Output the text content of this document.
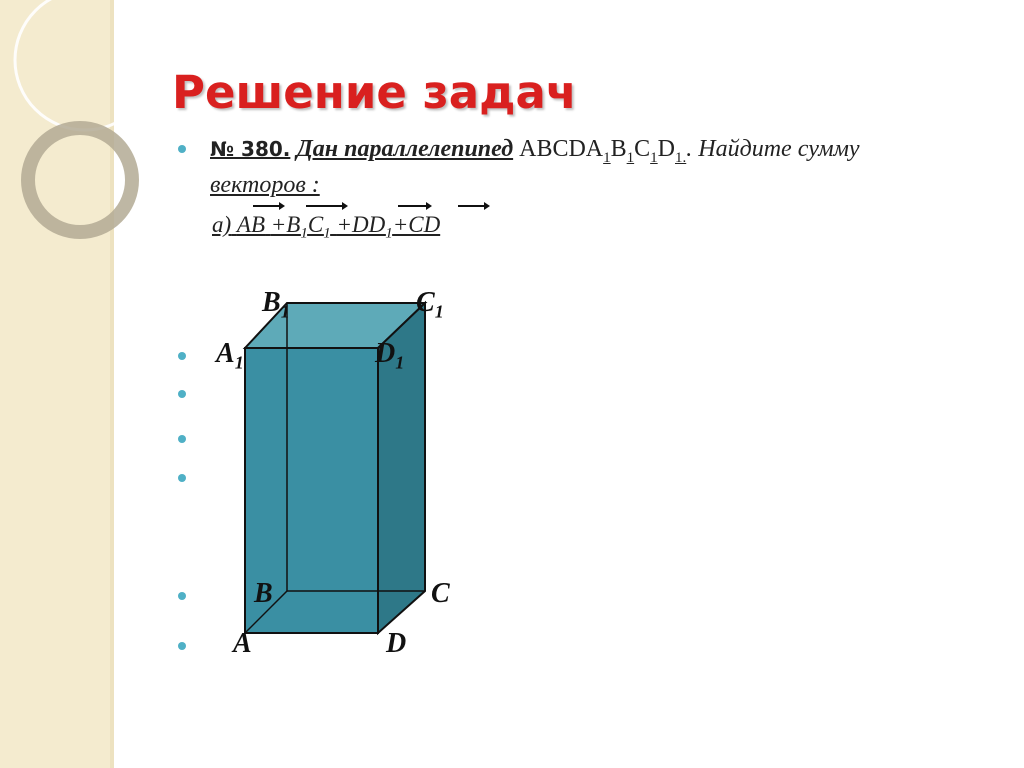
Решение задач
№ 380. Дан параллелепипед $ABCDA_1B_1C_1D_{1.}$. Найдите сумму
векторов :
а) AB $+B_1C_1 +DD_1+CD$
$B_1$	$C_1$
$A_1$	$D_1$
B	C
A	D
